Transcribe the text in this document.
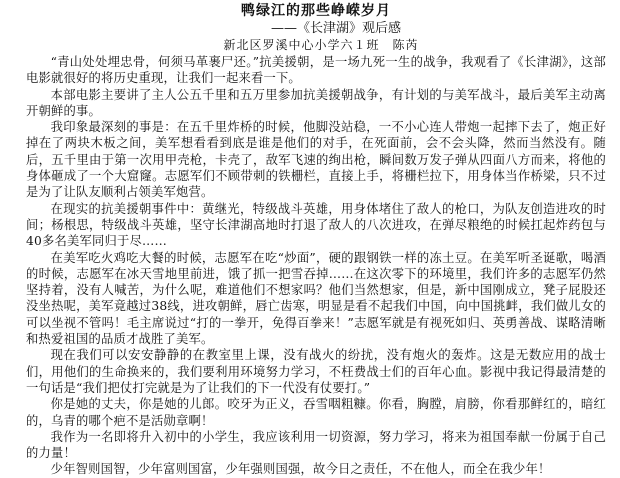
鸭绿江的那些峥嵘岁月
——《长津湖》观后感
新北区罗溪中心小学六１班　陈芮

“青山处处埋忠骨，何须马革裹尸还。”抗美援朝，是一场九死一生的战争，我观看了《长津湖》，这部电影就很好的将历史重现，让我们一起来看一下。

本部电影主要讲了主人公五千里和五万里参加抗美援朝战争，有计划的与美军战斗，最后美军主动离开朝鲜的事。

我印象最深刻的事是：在五千里炸桥的时候，他脚没站稳，一不小心连人带炮一起摔下去了，炮正好掉在了两块木板之间，美军想看看到底是谁是他们的对手，在死面前，会不会头降，然而当然没有。随后，五千里由于第一次用甲壳枪，卡壳了，敌军飞速的绚出枪，瞬间数万发子弹从四面八方而来，将他的身体砸成了一个大窟窿。志愿军们不顾带刺的铁栅栏，直接上手，将栅栏拉下，用身体当作桥梁，只不过是为了让队友顺利占领美军炮营。

在现实的抗美援朝事件中：黄继光，特级战斗英雄，用身体堵住了敌人的枪口，为队友创造进攻的时间；杨根思，特级战斗英雄，坚守长津湖高地时打退了敌人的八次进攻，在弹尽粮绝的时候扛起炸药包与40多名美军同归于尽……

在美军吃火鸡吃大餐的时候，志愿军在吃“炒面”，硬的跟钢铁一样的冻土豆。在美军听圣诞歌，喝酒的时候，志愿军在冰天雪地里前进，饿了抓一把雪吞掉……在这次零下的环境里，我们许多的志愿军仍然坚持着，没有人喊苦，为什么呢，难道他们不想家吗？他们当然想家，但是，新中国刚成立，凳子屁股还没坐热呢，美军竟越过38线，进攻朝鲜，唇亡齿寒，明显是看不起我们中国，向中国挑衅，我们做儿女的可以坐视不管吗！毛主席说过“打的一拳开，免得百拳来！”志愿军就是有视死如归、英勇善战、谋略清晰和热爱祖国的品质才战胜了美军。

现在我们可以安安静静的在教室里上课，没有战火的纷扰，没有炮火的轰炸。这是无数应用的战士们，用他们的生命换来的，我们要利用环境努力学习，不枉费战士们的百年心血。影视中我记得最清楚的一句话是“我们把仗打完就是为了让我们的下一代没有仗要打。”

你是她的丈夫，你是她的儿郎。咬牙为正义，吞雪咽粗糠。你看，胸膛，肩膀，你看那鲜红的，暗红的，乌青的哪个疤不是活勋章啊！

我作为一名即将升入初中的小学生，我应该利用一切资源，努力学习，将来为祖国奉献一份属于自己的力量！

少年智则国智，少年富则国富，少年强则国强，故今日之责任，不在他人，而全在我少年！
